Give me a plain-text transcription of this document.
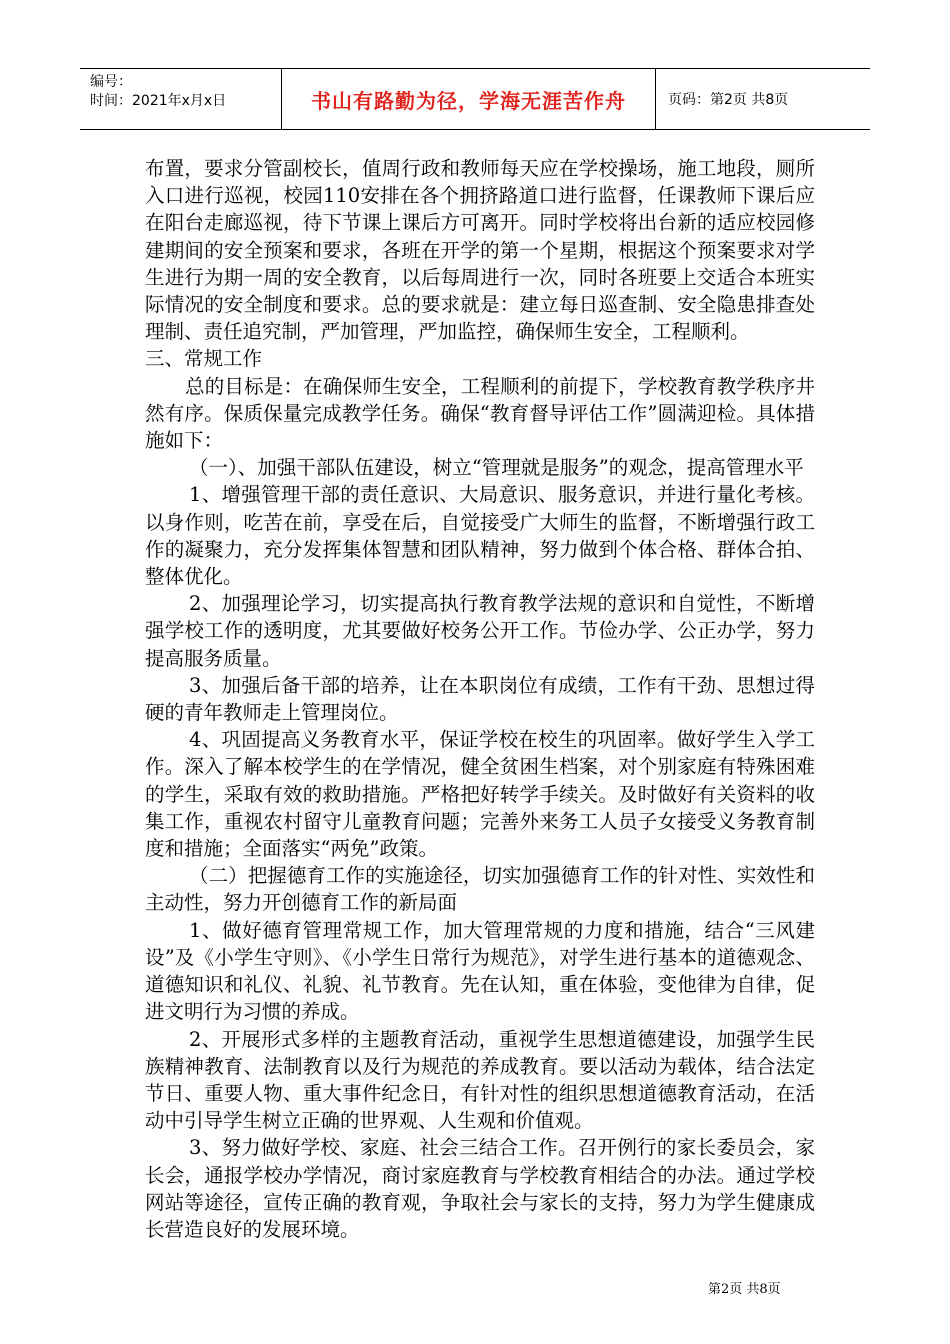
编号：
时间：2021年x月x日	书山有路勤为径，学海无涯苦作舟	页码：第2页 共8页

布置，要求分管副校长，值周行政和教师每天应在学校操场，施工地段，厕所入口进行巡视，校园110安排在各个拥挤路道口进行监督，任课教师下课后应在阳台走廊巡视，待下节课上课后方可离开。同时学校将出台新的适应校园修建期间的安全预案和要求，各班在开学的第一个星期，根据这个预案要求对学生进行为期一周的安全教育，以后每周进行一次，同时各班要上交适合本班实际情况的安全制度和要求。总的要求就是：建立每日巡查制、安全隐患排查处理制、责任追究制，严加管理，严加监控，确保师生安全，工程顺利。

三、常规工作

总的目标是：在确保师生安全，工程顺利的前提下，学校教育教学秩序井然有序。保质保量完成教学任务。确保“教育督导评估工作”圆满迎检。具体措施如下：

（一）、加强干部队伍建设，树立“管理就是服务”的观念，提高管理水平

1、增强管理干部的责任意识、大局意识、服务意识，并进行量化考核。以身作则，吃苦在前，享受在后，自觉接受广大师生的监督，不断增强行政工作的凝聚力，充分发挥集体智慧和团队精神，努力做到个体合格、群体合拍、整体优化。

2、加强理论学习，切实提高执行教育教学法规的意识和自觉性，不断增强学校工作的透明度，尤其要做好校务公开工作。节俭办学、公正办学，努力提高服务质量。

3、加强后备干部的培养，让在本职岗位有成绩，工作有干劲、思想过得硬的青年教师走上管理岗位。

4、巩固提高义务教育水平，保证学校在校生的巩固率。做好学生入学工作。深入了解本校学生的在学情况，健全贫困生档案，对个别家庭有特殊困难的学生，采取有效的救助措施。严格把好转学手续关。及时做好有关资料的收集工作，重视农村留守儿童教育问题；完善外来务工人员子女接受义务教育制度和措施；全面落实“两免”政策。

（二）把握德育工作的实施途径，切实加强德育工作的针对性、实效性和主动性，努力开创德育工作的新局面

1、做好德育管理常规工作，加大管理常规的力度和措施，结合“三风建设”及《小学生守则》、《小学生日常行为规范》，对学生进行基本的道德观念、道德知识和礼仪、礼貌、礼节教育。先在认知，重在体验，变他律为自律，促进文明行为习惯的养成。

2、开展形式多样的主题教育活动，重视学生思想道德建设，加强学生民族精神教育、法制教育以及行为规范的养成教育。要以活动为载体，结合法定节日、重要人物、重大事件纪念日，有针对性的组织思想道德教育活动，在活动中引导学生树立正确的世界观、人生观和价值观。

3、努力做好学校、家庭、社会三结合工作。召开例行的家长委员会，家长会，通报学校办学情况，商讨家庭教育与学校教育相结合的办法。通过学校网站等途径，宣传正确的教育观，争取社会与家长的支持，努力为学生健康成长营造良好的发展环境。

第2页 共8页
